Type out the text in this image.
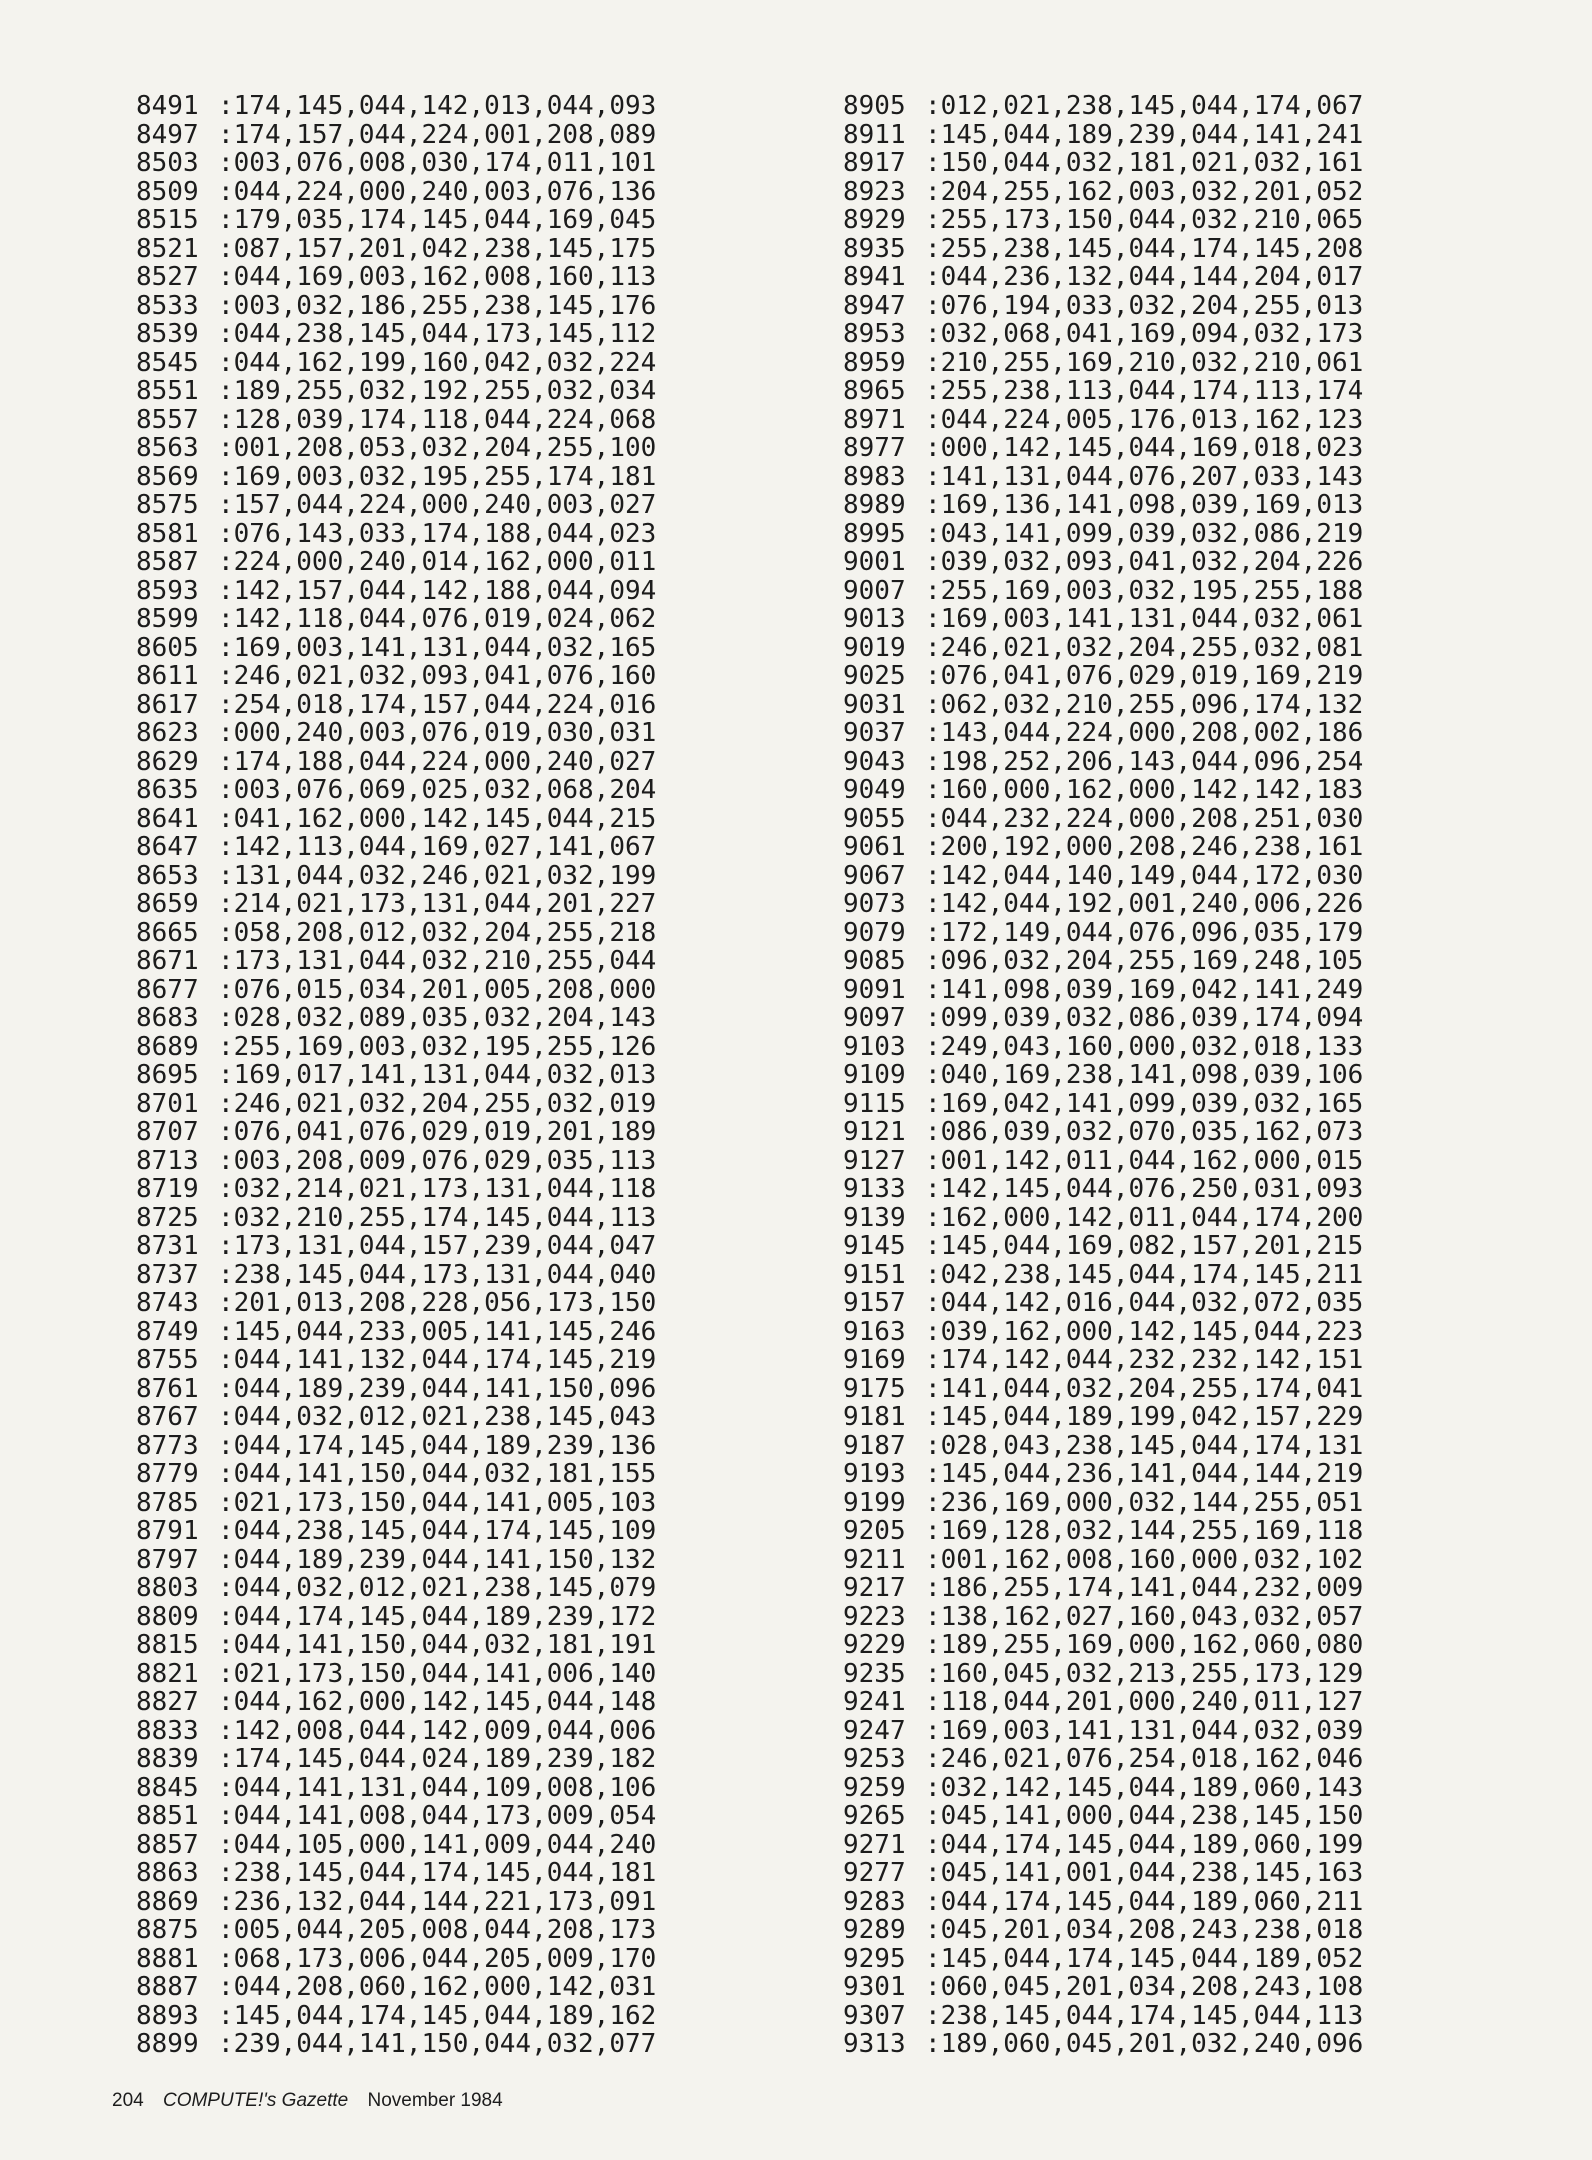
8491 :174,145,044,142,013,044,093
8497 :174,157,044,224,001,208,089
8503 :003,076,008,030,174,011,101
8509 :044,224,000,240,003,076,136
8515 :179,035,174,145,044,169,045
8521 :087,157,201,042,238,145,175
8527 :044,169,003,162,008,160,113
8533 :003,032,186,255,238,145,176
8539 :044,238,145,044,173,145,112
8545 :044,162,199,160,042,032,224
8551 :189,255,032,192,255,032,034
8557 :128,039,174,118,044,224,068
8563 :001,208,053,032,204,255,100
8569 :169,003,032,195,255,174,181
8575 :157,044,224,000,240,003,027
8581 :076,143,033,174,188,044,023
8587 :224,000,240,014,162,000,011
8593 :142,157,044,142,188,044,094
8599 :142,118,044,076,019,024,062
8605 :169,003,141,131,044,032,165
8611 :246,021,032,093,041,076,160
8617 :254,018,174,157,044,224,016
8623 :000,240,003,076,019,030,031
8629 :174,188,044,224,000,240,027
8635 :003,076,069,025,032,068,204
8641 :041,162,000,142,145,044,215
8647 :142,113,044,169,027,141,067
8653 :131,044,032,246,021,032,199
8659 :214,021,173,131,044,201,227
8665 :058,208,012,032,204,255,218
8671 :173,131,044,032,210,255,044
8677 :076,015,034,201,005,208,000
8683 :028,032,089,035,032,204,143
8689 :255,169,003,032,195,255,126
8695 :169,017,141,131,044,032,013
8701 :246,021,032,204,255,032,019
8707 :076,041,076,029,019,201,189
8713 :003,208,009,076,029,035,113
8719 :032,214,021,173,131,044,118
8725 :032,210,255,174,145,044,113
8731 :173,131,044,157,239,044,047
8737 :238,145,044,173,131,044,040
8743 :201,013,208,228,056,173,150
8749 :145,044,233,005,141,145,246
8755 :044,141,132,044,174,145,219
8761 :044,189,239,044,141,150,096
8767 :044,032,012,021,238,145,043
8773 :044,174,145,044,189,239,136
8779 :044,141,150,044,032,181,155
8785 :021,173,150,044,141,005,103
8791 :044,238,145,044,174,145,109
8797 :044,189,239,044,141,150,132
8803 :044,032,012,021,238,145,079
8809 :044,174,145,044,189,239,172
8815 :044,141,150,044,032,181,191
8821 :021,173,150,044,141,006,140
8827 :044,162,000,142,145,044,148
8833 :142,008,044,142,009,044,006
8839 :174,145,044,024,189,239,182
8845 :044,141,131,044,109,008,106
8851 :044,141,008,044,173,009,054
8857 :044,105,000,141,009,044,240
8863 :238,145,044,174,145,044,181
8869 :236,132,044,144,221,173,091
8875 :005,044,205,008,044,208,173
8881 :068,173,006,044,205,009,170
8887 :044,208,060,162,000,142,031
8893 :145,044,174,145,044,189,162
8899 :239,044,141,150,044,032,077
8905 :012,021,238,145,044,174,067
8911 :145,044,189,239,044,141,241
8917 :150,044,032,181,021,032,161
8923 :204,255,162,003,032,201,052
8929 :255,173,150,044,032,210,065
8935 :255,238,145,044,174,145,208
8941 :044,236,132,044,144,204,017
8947 :076,194,033,032,204,255,013
8953 :032,068,041,169,094,032,173
8959 :210,255,169,210,032,210,061
8965 :255,238,113,044,174,113,174
8971 :044,224,005,176,013,162,123
8977 :000,142,145,044,169,018,023
8983 :141,131,044,076,207,033,143
8989 :169,136,141,098,039,169,013
8995 :043,141,099,039,032,086,219
9001 :039,032,093,041,032,204,226
9007 :255,169,003,032,195,255,188
9013 :169,003,141,131,044,032,061
9019 :246,021,032,204,255,032,081
9025 :076,041,076,029,019,169,219
9031 :062,032,210,255,096,174,132
9037 :143,044,224,000,208,002,186
9043 :198,252,206,143,044,096,254
9049 :160,000,162,000,142,142,183
9055 :044,232,224,000,208,251,030
9061 :200,192,000,208,246,238,161
9067 :142,044,140,149,044,172,030
9073 :142,044,192,001,240,006,226
9079 :172,149,044,076,096,035,179
9085 :096,032,204,255,169,248,105
9091 :141,098,039,169,042,141,249
9097 :099,039,032,086,039,174,094
9103 :249,043,160,000,032,018,133
9109 :040,169,238,141,098,039,106
9115 :169,042,141,099,039,032,165
9121 :086,039,032,070,035,162,073
9127 :001,142,011,044,162,000,015
9133 :142,145,044,076,250,031,093
9139 :162,000,142,011,044,174,200
9145 :145,044,169,082,157,201,215
9151 :042,238,145,044,174,145,211
9157 :044,142,016,044,032,072,035
9163 :039,162,000,142,145,044,223
9169 :174,142,044,232,232,142,151
9175 :141,044,032,204,255,174,041
9181 :145,044,189,199,042,157,229
9187 :028,043,238,145,044,174,131
9193 :145,044,236,141,044,144,219
9199 :236,169,000,032,144,255,051
9205 :169,128,032,144,255,169,118
9211 :001,162,008,160,000,032,102
9217 :186,255,174,141,044,232,009
9223 :138,162,027,160,043,032,057
9229 :189,255,169,000,162,060,080
9235 :160,045,032,213,255,173,129
9241 :118,044,201,000,240,011,127
9247 :169,003,141,131,044,032,039
9253 :246,021,076,254,018,162,046
9259 :032,142,145,044,189,060,143
9265 :045,141,000,044,238,145,150
9271 :044,174,145,044,189,060,199
9277 :045,141,001,044,238,145,163
9283 :044,174,145,044,189,060,211
9289 :045,201,034,208,243,238,018
9295 :145,044,174,145,044,189,052
9301 :060,045,201,034,208,243,108
9307 :238,145,044,174,145,044,113
9313 :189,060,045,201,032,240,096
204 COMPUTE!'s Gazette November 1984
